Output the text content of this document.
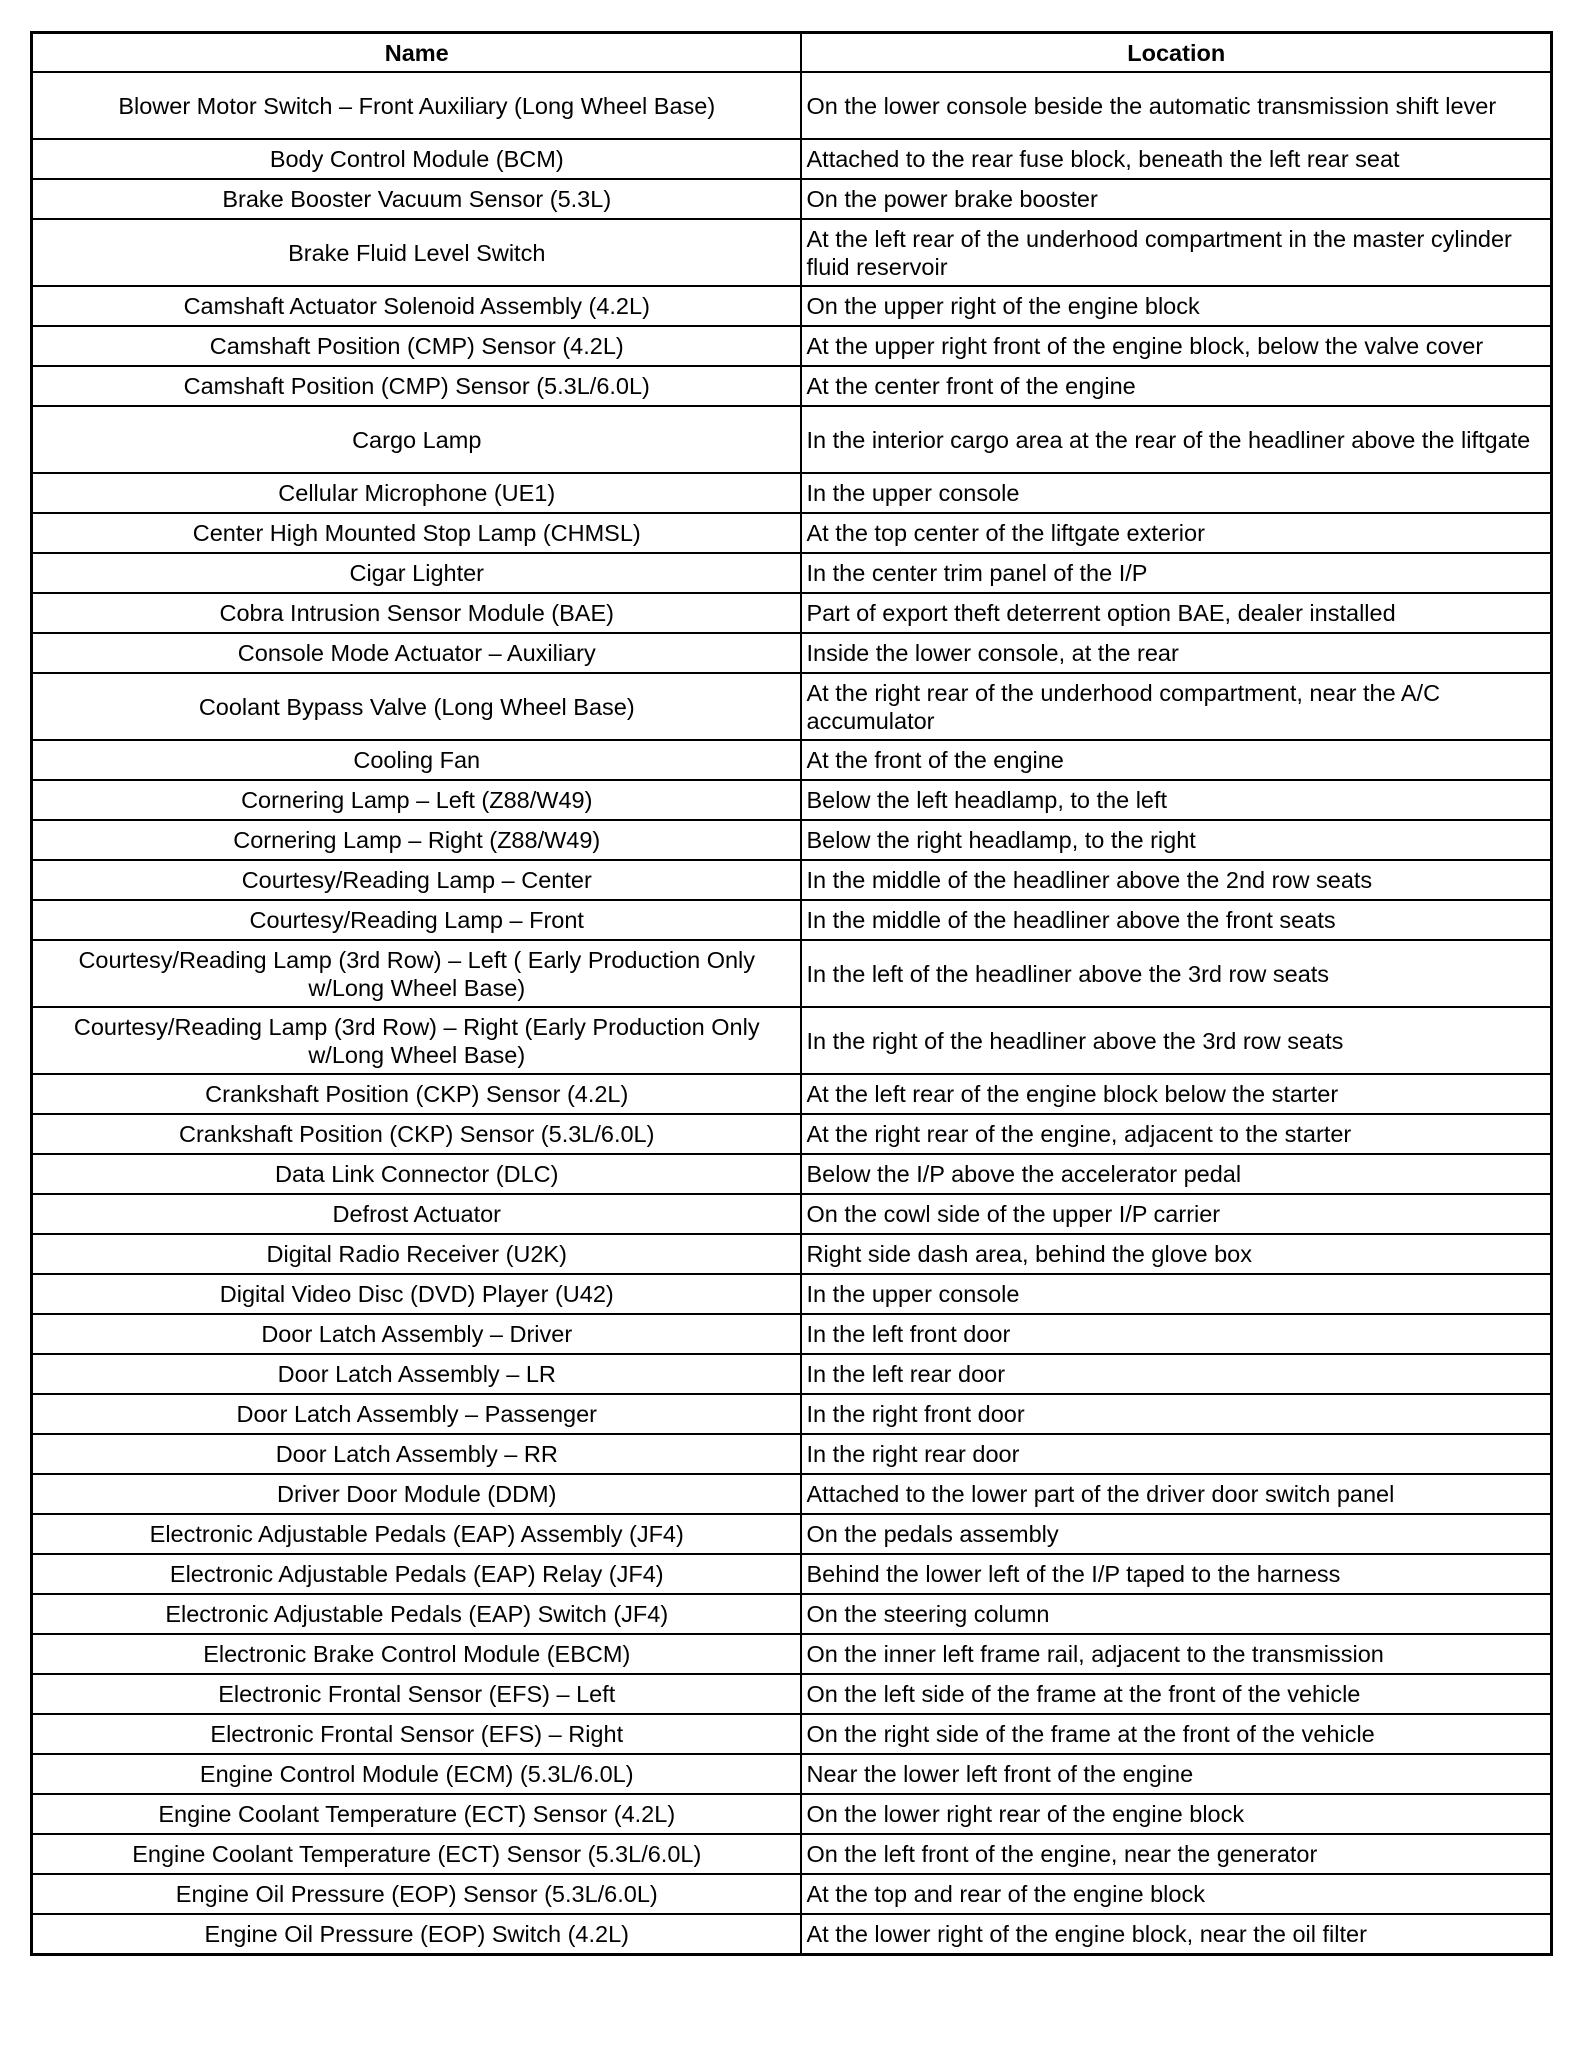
Name	Location
Blower Motor Switch – Front Auxiliary (Long Wheel Base)	On the lower console beside the automatic transmission shift lever
Body Control Module (BCM)	Attached to the rear fuse block, beneath the left rear seat
Brake Booster Vacuum Sensor (5.3L)	On the power brake booster
Brake Fluid Level Switch	At the left rear of the underhood compartment in the master cylinder fluid reservoir
Camshaft Actuator Solenoid Assembly (4.2L)	On the upper right of the engine block
Camshaft Position (CMP) Sensor (4.2L)	At the upper right front of the engine block, below the valve cover
Camshaft Position (CMP) Sensor (5.3L/6.0L)	At the center front of the engine
Cargo Lamp	In the interior cargo area at the rear of the headliner above the liftgate
Cellular Microphone (UE1)	In the upper console
Center High Mounted Stop Lamp (CHMSL)	At the top center of the liftgate exterior
Cigar Lighter	In the center trim panel of the I/P
Cobra Intrusion Sensor Module (BAE)	Part of export theft deterrent option BAE, dealer installed
Console Mode Actuator – Auxiliary	Inside the lower console, at the rear
Coolant Bypass Valve (Long Wheel Base)	At the right rear of the underhood compartment, near the A/C accumulator
Cooling Fan	At the front of the engine
Cornering Lamp – Left (Z88/W49)	Below the left headlamp, to the left
Cornering Lamp – Right (Z88/W49)	Below the right headlamp, to the right
Courtesy/Reading Lamp – Center	In the middle of the headliner above the 2nd row seats
Courtesy/Reading Lamp – Front	In the middle of the headliner above the front seats
Courtesy/Reading Lamp (3rd Row) – Left ( Early Production Only w/Long Wheel Base)	In the left of the headliner above the 3rd row seats
Courtesy/Reading Lamp (3rd Row) – Right (Early Production Only w/Long Wheel Base)	In the right of the headliner above the 3rd row seats
Crankshaft Position (CKP) Sensor (4.2L)	At the left rear of the engine block below the starter
Crankshaft Position (CKP) Sensor (5.3L/6.0L)	At the right rear of the engine, adjacent to the starter
Data Link Connector (DLC)	Below the I/P above the accelerator pedal
Defrost Actuator	On the cowl side of the upper I/P carrier
Digital Radio Receiver (U2K)	Right side dash area, behind the glove box
Digital Video Disc (DVD) Player (U42)	In the upper console
Door Latch Assembly – Driver	In the left front door
Door Latch Assembly – LR	In the left rear door
Door Latch Assembly – Passenger	In the right front door
Door Latch Assembly – RR	In the right rear door
Driver Door Module (DDM)	Attached to the lower part of the driver door switch panel
Electronic Adjustable Pedals (EAP) Assembly (JF4)	On the pedals assembly
Electronic Adjustable Pedals (EAP) Relay (JF4)	Behind the lower left of the I/P taped to the harness
Electronic Adjustable Pedals (EAP) Switch (JF4)	On the steering column
Electronic Brake Control Module (EBCM)	On the inner left frame rail, adjacent to the transmission
Electronic Frontal Sensor (EFS) – Left	On the left side of the frame at the front of the vehicle
Electronic Frontal Sensor (EFS) – Right	On the right side of the frame at the front of the vehicle
Engine Control Module (ECM) (5.3L/6.0L)	Near the lower left front of the engine
Engine Coolant Temperature (ECT) Sensor (4.2L)	On the lower right rear of the engine block
Engine Coolant Temperature (ECT) Sensor (5.3L/6.0L)	On the left front of the engine, near the generator
Engine Oil Pressure (EOP) Sensor (5.3L/6.0L)	At the top and rear of the engine block
Engine Oil Pressure (EOP) Switch (4.2L)	At the lower right of the engine block, near the oil filter
